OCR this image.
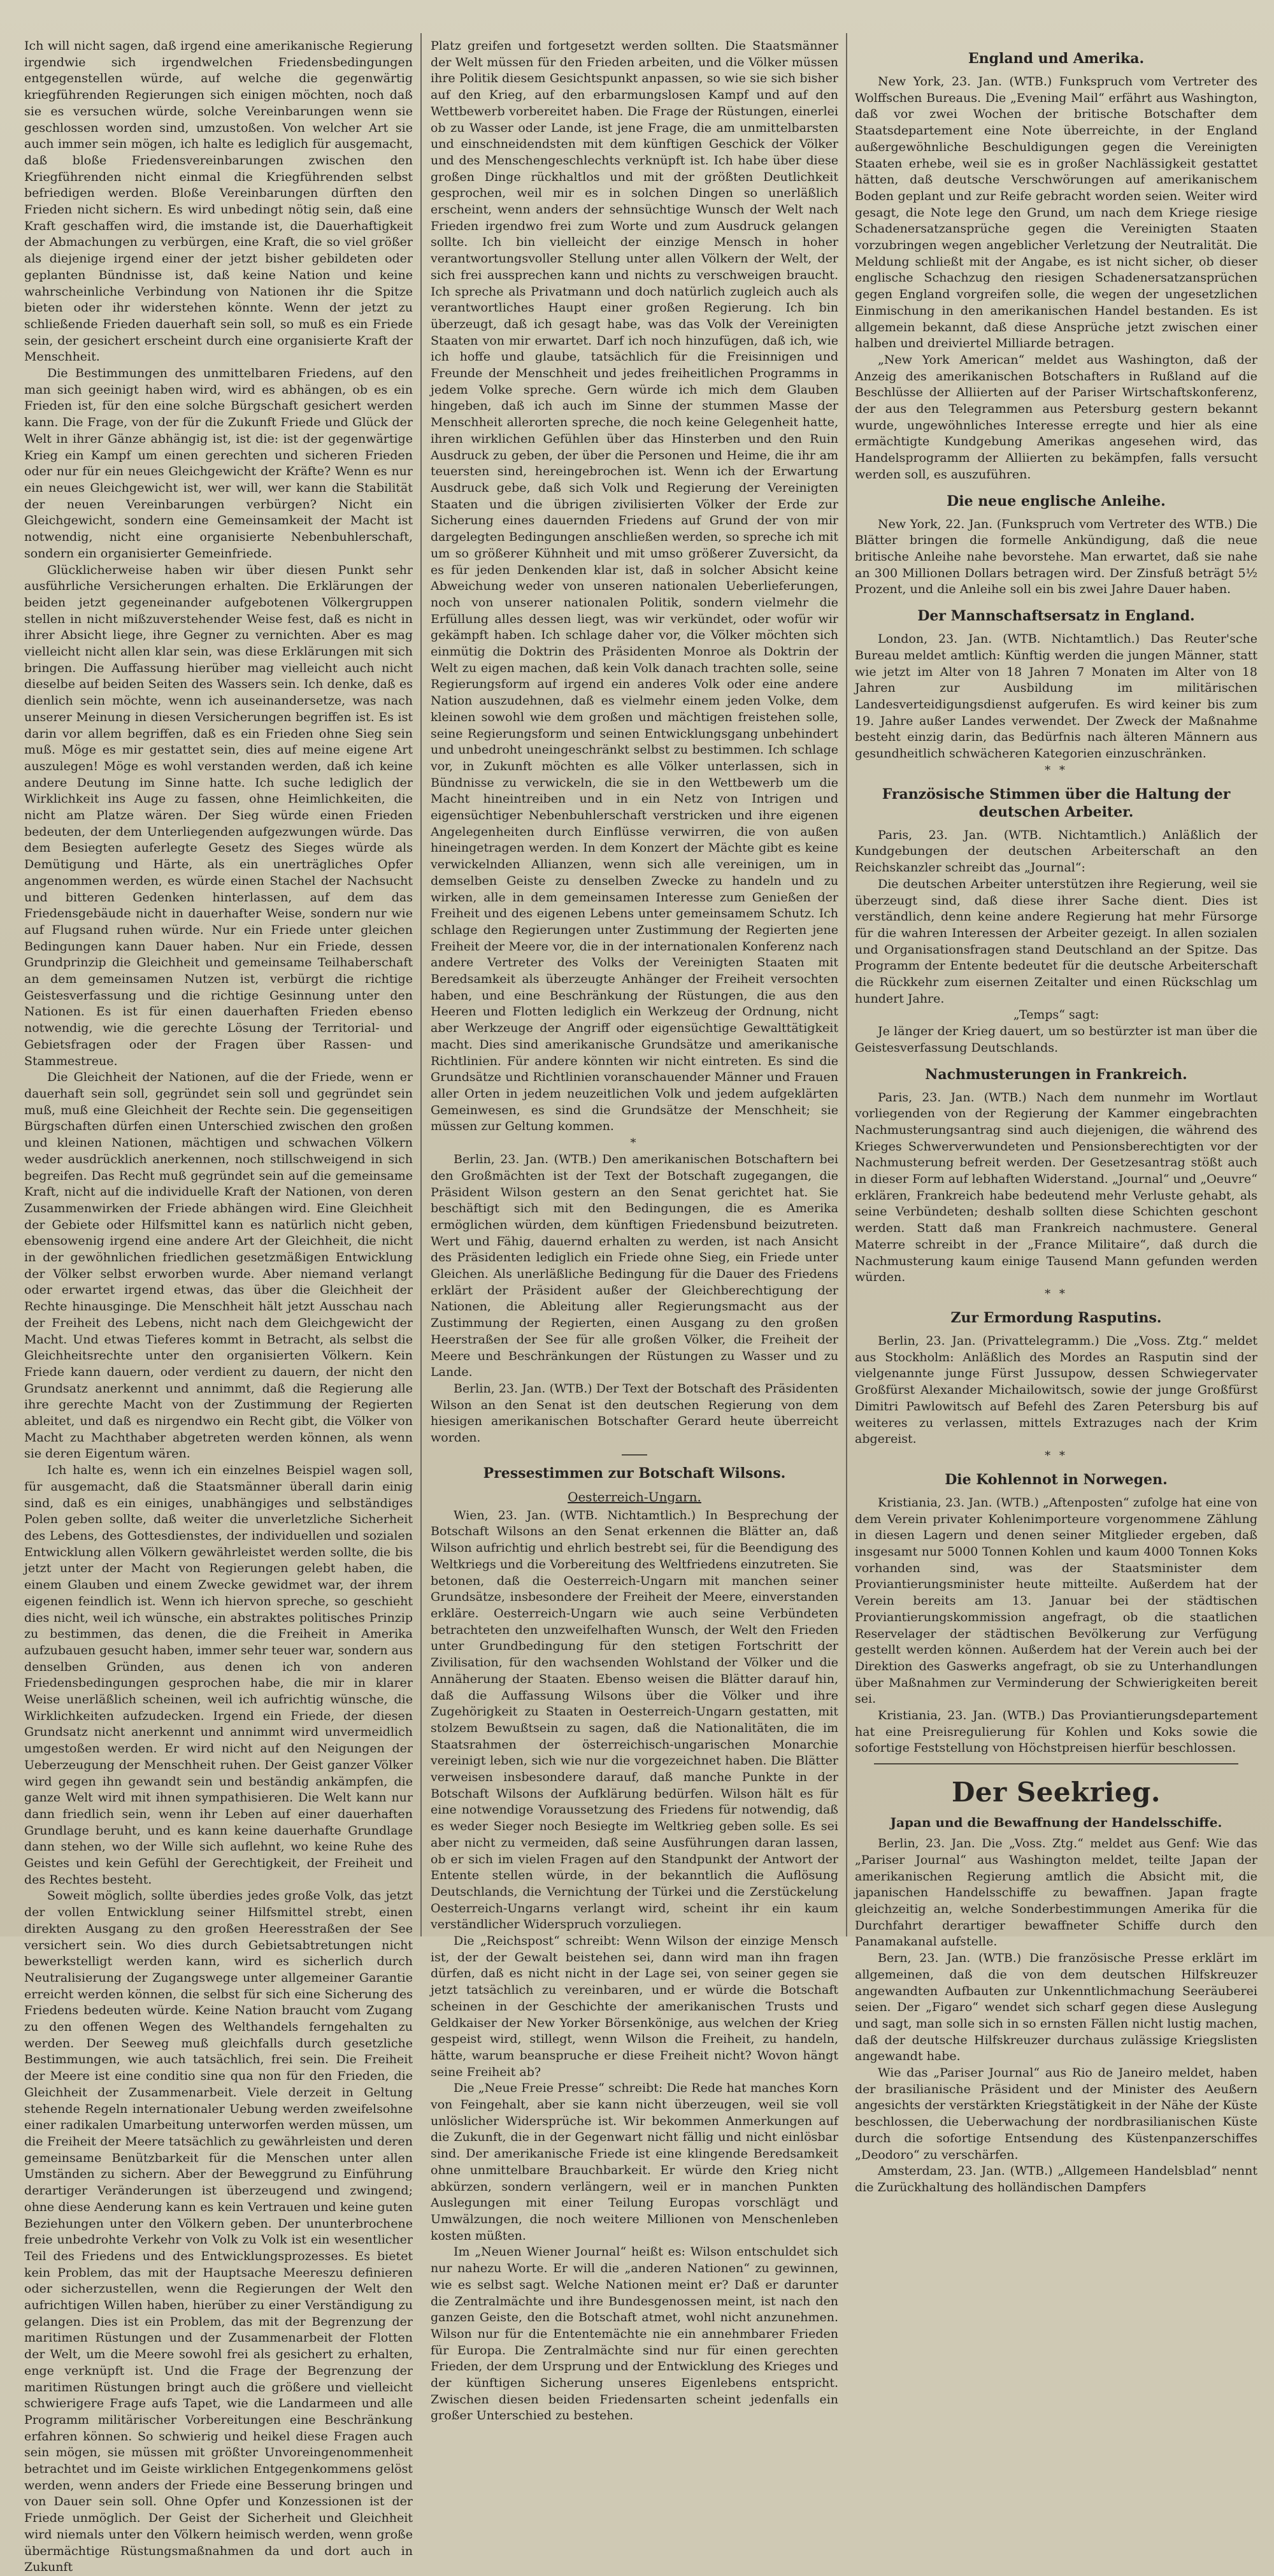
Ich will nicht sagen, daß irgend eine amerikanische Regierung irgendwie sich irgendwelchen Friedensbedingungen entgegenstellen würde, auf welche die gegenwärtig kriegführenden Regierungen sich einigen möchten, noch daß sie es versuchen würde, solche Vereinbarungen wenn sie geschlossen worden sind, umzustoßen. Von welcher Art sie auch immer sein mögen, ich halte es lediglich für ausgemacht, daß bloße Friedensvereinbarungen zwischen den Kriegführenden nicht einmal die Kriegführenden selbst befriedigen werden. Bloße Vereinbarungen dürften den Frieden nicht sichern. Es wird unbedingt nötig sein, daß eine Kraft geschaffen wird, die imstande ist, die Dauerhaftigkeit der Abmachungen zu verbürgen, eine Kraft, die so viel größer als diejenige irgend einer der jetzt bisher gebildeten oder geplanten Bündnisse ist, daß keine Nation und keine wahrscheinliche Verbindung von Nationen ihr die Spitze bieten oder ihr widerstehen könnte. Wenn der jetzt zu schließende Frieden dauerhaft sein soll, so muß es ein Friede sein, der gesichert erscheint durch eine organisierte Kraft der Menschheit.

Die Bestimmungen des unmittelbaren Friedens, auf den man sich geeinigt haben wird, wird es abhängen, ob es ein Frieden ist, für den eine solche Bürgschaft gesichert werden kann. Die Frage, von der für die Zukunft Friede und Glück der Welt in ihrer Gänze abhängig ist, ist die: ist der gegenwärtige Krieg ein Kampf um einen gerechten und sicheren Frieden oder nur für ein neues Gleichgewicht der Kräfte? Wenn es nur ein neues Gleichgewicht ist, wer will, wer kann die Stabilität der neuen Vereinbarungen verbürgen? Nicht ein Gleichgewicht, sondern eine Gemeinsamkeit der Macht ist notwendig, nicht eine organisierte Nebenbuhlerschaft, sondern ein organisierter Gemeinfriede.

Glücklicherweise haben wir über diesen Punkt sehr ausführliche Versicherungen erhalten. Die Erklärungen der beiden jetzt gegeneinander aufgebotenen Völkergruppen stellen in nicht mißzuverstehender Weise fest, daß es nicht in ihrer Absicht liege, ihre Gegner zu vernichten. Aber es mag vielleicht nicht allen klar sein, was diese Erklärungen mit sich bringen. Die Auffassung hierüber mag vielleicht auch nicht dieselbe auf beiden Seiten des Wassers sein. Ich denke, daß es dienlich sein möchte, wenn ich auseinandersetze, was nach unserer Meinung in diesen Versicherungen begriffen ist. Es ist darin vor allem begriffen, daß es ein Frieden ohne Sieg sein muß. Möge es mir gestattet sein, dies auf meine eigene Art auszulegen! Möge es wohl verstanden werden, daß ich keine andere Deutung im Sinne hatte. Ich suche lediglich der Wirklichkeit ins Auge zu fassen, ohne Heimlichkeiten, die nicht am Platze wären. Der Sieg würde einen Frieden bedeuten, der dem Unterliegenden aufgezwungen würde. Das dem Besiegten auferlegte Gesetz des Sieges würde als Demütigung und Härte, als ein unerträgliches Opfer angenommen werden, es würde einen Stachel der Nachsucht und bitteren Gedenken hinterlassen, auf dem das Friedensgebäude nicht in dauerhafter Weise, sondern nur wie auf Flugsand ruhen würde. Nur ein Friede unter gleichen Bedingungen kann Dauer haben. Nur ein Friede, dessen Grundprinzip die Gleichheit und gemeinsame Teilhaberschaft an dem gemeinsamen Nutzen ist, verbürgt die richtige Geistesverfassung und die richtige Gesinnung unter den Nationen. Es ist für einen dauerhaften Frieden ebenso notwendig, wie die gerechte Lösung der Territorial- und Gebietsfragen oder der Fragen über Rassen- und Stammestreue.

Die Gleichheit der Nationen, auf die der Friede, wenn er dauerhaft sein soll, gegründet sein soll und gegründet sein muß, muß eine Gleichheit der Rechte sein. Die gegenseitigen Bürgschaften dürfen einen Unterschied zwischen den großen und kleinen Nationen, mächtigen und schwachen Völkern weder ausdrücklich anerkennen, noch stillschweigend in sich begreifen. Das Recht muß gegründet sein auf die gemeinsame Kraft, nicht auf die individuelle Kraft der Nationen, von deren Zusammenwirken der Friede abhängen wird. Eine Gleichheit der Gebiete oder Hilfsmittel kann es natürlich nicht geben, ebensowenig irgend eine andere Art der Gleichheit, die nicht in der gewöhnlichen friedlichen gesetzmäßigen Entwicklung der Völker selbst erworben wurde. Aber niemand verlangt oder erwartet irgend etwas, das über die Gleichheit der Rechte hinausginge. Die Menschheit hält jetzt Ausschau nach der Freiheit des Lebens, nicht nach dem Gleichgewicht der Macht. Und etwas Tieferes kommt in Betracht, als selbst die Gleichheitsrechte unter den organisierten Völkern. Kein Friede kann dauern, oder verdient zu dauern, der nicht den Grundsatz anerkennt und annimmt, daß die Regierung alle ihre gerechte Macht von der Zustimmung der Regierten ableitet, und daß es nirgendwo ein Recht gibt, die Völker von Macht zu Machthaber abgetreten werden können, als wenn sie deren Eigentum wären.

Ich halte es, wenn ich ein einzelnes Beispiel wagen soll, für ausgemacht, daß die Staatsmänner überall darin einig sind, daß es ein einiges, unabhängiges und selbständiges Polen geben sollte, daß weiter die unverletzliche Sicherheit des Lebens, des Gottesdienstes, der individuellen und sozialen Entwicklung allen Völkern gewährleistet werden sollte, die bis jetzt unter der Macht von Regierungen gelebt haben, die einem Glauben und einem Zwecke gewidmet war, der ihrem eigenen feindlich ist. Wenn ich hiervon spreche, so geschieht dies nicht, weil ich wünsche, ein abstraktes politisches Prinzip zu bestimmen, das denen, die die Freiheit in Amerika aufzubauen gesucht haben, immer sehr teuer war, sondern aus denselben Gründen, aus denen ich von anderen Friedensbedingungen gesprochen habe, die mir in klarer Weise unerläßlich scheinen, weil ich aufrichtig wünsche, die Wirklichkeiten aufzudecken. Irgend ein Friede, der diesen Grundsatz nicht anerkennt und annimmt wird unvermeidlich umgestoßen werden. Er wird nicht auf den Neigungen der Ueberzeugung der Menschheit ruhen. Der Geist ganzer Völker wird gegen ihn gewandt sein und beständig ankämpfen, die ganze Welt wird mit ihnen sympathisieren. Die Welt kann nur dann friedlich sein, wenn ihr Leben auf einer dauerhaften Grundlage beruht, und es kann keine dauerhafte Grundlage dann stehen, wo der Wille sich auflehnt, wo keine Ruhe des Geistes und kein Gefühl der Gerechtigkeit, der Freiheit und des Rechtes besteht.

Soweit möglich, sollte überdies jedes große Volk, das jetzt der vollen Entwicklung seiner Hilfsmittel strebt, einen direkten Ausgang zu den großen Heeresstraßen der See versichert sein. Wo dies durch Gebietsabtretungen nicht bewerkstelligt werden kann, wird es sicherlich durch Neutralisierung der Zugangswege unter allgemeiner Garantie erreicht werden können, die selbst für sich eine Sicherung des Friedens bedeuten würde. Keine Nation braucht vom Zugang zu den offenen Wegen des Welthandels ferngehalten zu werden. Der Seeweg muß gleichfalls durch gesetzliche Bestimmungen, wie auch tatsächlich, frei sein. Die Freiheit der Meere ist eine conditio sine qua non für den Frieden, die Gleichheit der Zusammenarbeit. Viele derzeit in Geltung stehende Regeln internationaler Uebung werden zweifelsohne einer radikalen Umarbeitung unterworfen werden müssen, um die Freiheit der Meere tatsächlich zu gewährleisten und deren gemeinsame Benützbarkeit für die Menschen unter allen Umständen zu sichern. Aber der Beweggrund zu Einführung derartiger Veränderungen ist überzeugend und zwingend; ohne diese Aenderung kann es kein Vertrauen und keine guten Beziehungen unter den Völkern geben. Der ununterbrochene freie unbedrohte Verkehr von Volk zu Volk ist ein wesentlicher Teil des Friedens und des Entwicklungsprozesses. Es bietet kein Problem, das mit der Hauptsache Meereszu definieren oder sicherzustellen, wenn die Regierungen der Welt den aufrichtigen Willen haben, hierüber zu einer Verständigung zu gelangen. Dies ist ein Problem, das mit der Begrenzung der maritimen Rüstungen und der Zusammenarbeit der Flotten der Welt, um die Meere sowohl frei als gesichert zu erhalten, enge verknüpft ist. Und die Frage der Begrenzung der maritimen Rüstungen bringt auch die größere und vielleicht schwierigere Frage aufs Tapet, wie die Landarmeen und alle Programm militärischer Vorbereitungen eine Beschränkung erfahren können. So schwierig und heikel diese Fragen auch sein mögen, sie müssen mit größter Unvoreingenommenheit betrachtet und im Geiste wirklichen Entgegenkommens gelöst werden, wenn anders der Friede eine Besserung bringen und von Dauer sein soll. Ohne Opfer und Konzessionen ist der Friede unmöglich. Der Geist der Sicherheit und Gleichheit wird niemals unter den Völkern heimisch werden, wenn große übermächtige Rüstungsmaßnahmen da und dort auch in Zukunft

Platz greifen und fortgesetzt werden sollten. Die Staatsmänner der Welt müssen für den Frieden arbeiten, und die Völker müssen ihre Politik diesem Gesichtspunkt anpassen, so wie sie sich bisher auf den Krieg, auf den erbarmungslosen Kampf und auf den Wettbewerb vorbereitet haben. Die Frage der Rüstungen, einerlei ob zu Wasser oder Lande, ist jene Frage, die am unmittelbarsten und einschneidendsten mit dem künftigen Geschick der Völker und des Menschengeschlechts verknüpft ist. Ich habe über diese großen Dinge rückhaltlos und mit der größten Deutlichkeit gesprochen, weil mir es in solchen Dingen so unerläßlich erscheint, wenn anders der sehnsüchtige Wunsch der Welt nach Frieden irgendwo frei zum Worte und zum Ausdruck gelangen sollte. Ich bin vielleicht der einzige Mensch in hoher verantwortungsvoller Stellung unter allen Völkern der Welt, der sich frei aussprechen kann und nichts zu verschweigen braucht. Ich spreche als Privatmann und doch natürlich zugleich auch als verantwortliches Haupt einer großen Regierung. Ich bin überzeugt, daß ich gesagt habe, was das Volk der Vereinigten Staaten von mir erwartet. Darf ich noch hinzufügen, daß ich, wie ich hoffe und glaube, tatsächlich für die Freisinnigen und Freunde der Menschheit und jedes freiheitlichen Programms in jedem Volke spreche. Gern würde ich mich dem Glauben hingeben, daß ich auch im Sinne der stummen Masse der Menschheit allerorten spreche, die noch keine Gelegenheit hatte, ihren wirklichen Gefühlen über das Hinsterben und den Ruin Ausdruck zu geben, der über die Personen und Heime, die ihr am teuersten sind, hereingebrochen ist. Wenn ich der Erwartung Ausdruck gebe, daß sich Volk und Regierung der Vereinigten Staaten und die übrigen zivilisierten Völker der Erde zur Sicherung eines dauernden Friedens auf Grund der von mir dargelegten Bedingungen anschließen werden, so spreche ich mit um so größerer Kühnheit und mit umso größerer Zuversicht, da es für jeden Denkenden klar ist, daß in solcher Absicht keine Abweichung weder von unseren nationalen Ueberlieferungen, noch von unserer nationalen Politik, sondern vielmehr die Erfüllung alles dessen liegt, was wir verkündet, oder wofür wir gekämpft haben. Ich schlage daher vor, die Völker möchten sich einmütig die Doktrin des Präsidenten Monroe als Doktrin der Welt zu eigen machen, daß kein Volk danach trachten solle, seine Regierungsform auf irgend ein anderes Volk oder eine andere Nation auszudehnen, daß es vielmehr einem jeden Volke, dem kleinen sowohl wie dem großen und mächtigen freistehen solle, seine Regierungsform und seinen Entwicklungsgang unbehindert und unbedroht uneingeschränkt selbst zu bestimmen. Ich schlage vor, in Zukunft möchten es alle Völker unterlassen, sich in Bündnisse zu verwickeln, die sie in den Wettbewerb um die Macht hineintreiben und in ein Netz von Intrigen und eigensüchtiger Nebenbuhlerschaft verstricken und ihre eigenen Angelegenheiten durch Einflüsse verwirren, die von außen hineingetragen werden. In dem Konzert der Mächte gibt es keine verwickelnden Allianzen, wenn sich alle vereinigen, um in demselben Geiste zu denselben Zwecke zu handeln und zu wirken, alle in dem gemeinsamen Interesse zum Genießen der Freiheit und des eigenen Lebens unter gemeinsamem Schutz. Ich schlage den Regierungen unter Zustimmung der Regierten jene Freiheit der Meere vor, die in der internationalen Konferenz nach andere Vertreter des Volks der Vereinigten Staaten mit Beredsamkeit als überzeugte Anhänger der Freiheit versochten haben, und eine Beschränkung der Rüstungen, die aus den Heeren und Flotten lediglich ein Werkzeug der Ordnung, nicht aber Werkzeuge der Angriff oder eigensüchtige Gewalttätigkeit macht. Dies sind amerikanische Grundsätze und amerikanische Richtlinien. Für andere könnten wir nicht eintreten. Es sind die Grundsätze und Richtlinien voranschauender Männer und Frauen aller Orten in jedem neuzeitlichen Volk und jedem aufgeklärten Gemeinwesen, es sind die Grundsätze der Menschheit; sie müssen zur Geltung kommen.

*

Berlin, 23. Jan. (WTB.) Den amerikanischen Botschaftern bei den Großmächten ist der Text der Botschaft zugegangen, die Präsident Wilson gestern an den Senat gerichtet hat. Sie beschäftigt sich mit den Bedingungen, die es Amerika ermöglichen würden, dem künftigen Friedensbund beizutreten. Wert und Fähig, dauernd erhalten zu werden, ist nach Ansicht des Präsidenten lediglich ein Friede ohne Sieg, ein Friede unter Gleichen. Als unerläßliche Bedingung für die Dauer des Friedens erklärt der Präsident außer der Gleichberechtigung der Nationen, die Ableitung aller Regierungsmacht aus der Zustimmung der Regierten, einen Ausgang zu den großen Heerstraßen der See für alle großen Völker, die Freiheit der Meere und Beschränkungen der Rüstungen zu Wasser und zu Lande.

Berlin, 23. Jan. (WTB.) Der Text der Botschaft des Präsidenten Wilson an den Senat ist den deutschen Regierung von dem hiesigen amerikanischen Botschafter Gerard heute überreicht worden.

Pressestimmen zur Botschaft Wilsons.
Oesterreich-Ungarn.

Wien, 23. Jan. (WTB. Nichtamtlich.) In Besprechung der Botschaft Wilsons an den Senat erkennen die Blätter an, daß Wilson aufrichtig und ehrlich bestrebt sei, für die Beendigung des Weltkriegs und die Vorbereitung des Weltfriedens einzutreten. Sie betonen, daß die Oesterreich-Ungarn mit manchen seiner Grundsätze, insbesondere der Freiheit der Meere, einverstanden erkläre. Oesterreich-Ungarn wie auch seine Verbündeten betrachteten den unzweifelhaften Wunsch, der Welt den Frieden unter Grundbedingung für den stetigen Fortschritt der Zivilisation, für den wachsenden Wohlstand der Völker und die Annäherung der Staaten. Ebenso weisen die Blätter darauf hin, daß die Auffassung Wilsons über die Völker und ihre Zugehörigkeit zu Staaten in Oesterreich-Ungarn gestatten, mit stolzem Bewußtsein zu sagen, daß die Nationalitäten, die im Staatsrahmen der österreichisch-ungarischen Monarchie vereinigt leben, sich wie nur die vorgezeichnet haben. Die Blätter verweisen insbesondere darauf, daß manche Punkte in der Botschaft Wilsons der Aufklärung bedürfen. Wilson hält es für eine notwendige Voraussetzung des Friedens für notwendig, daß es weder Sieger noch Besiegte im Weltkrieg geben solle. Es sei aber nicht zu vermeiden, daß seine Ausführungen daran lassen, ob er sich im vielen Fragen auf den Standpunkt der Antwort der Entente stellen würde, in der bekanntlich die Auflösung Deutschlands, die Vernichtung der Türkei und die Zerstückelung Oesterreich-Ungarns verlangt wird, scheint ihr ein kaum verständlicher Widerspruch vorzuliegen.

Die „Reichspost“ schreibt: Wenn Wilson der einzige Mensch ist, der der Gewalt beistehen sei, dann wird man ihn fragen dürfen, daß es nicht nicht in der Lage sei, von seiner gegen sie jetzt tatsächlich zu vereinbaren, und er würde die Botschaft scheinen in der Geschichte der amerikanischen Trusts und Geldkaiser der New Yorker Börsenkönige, aus welchen der Krieg gespeist wird, stillegt, wenn Wilson die Freiheit, zu handeln, hätte, warum beanspruche er diese Freiheit nicht? Wovon hängt seine Freiheit ab?

Die „Neue Freie Presse“ schreibt: Die Rede hat manches Korn von Feingehalt, aber sie kann nicht überzeugen, weil sie voll unlöslicher Widersprüche ist. Wir bekommen Anmerkungen auf die Zukunft, die in der Gegenwart nicht fällig und nicht einlösbar sind. Der amerikanische Friede ist eine klingende Beredsamkeit ohne unmittelbare Brauchbarkeit. Er würde den Krieg nicht abkürzen, sondern verlängern, weil er in manchen Punkten Auslegungen mit einer Teilung Europas vorschlägt und Umwälzungen, die noch weitere Millionen von Menschenleben kosten müßten.

Im „Neuen Wiener Journal“ heißt es: Wilson entschuldet sich nur nahezu Worte. Er will die „anderen Nationen“ zu gewinnen, wie es selbst sagt. Welche Nationen meint er? Daß er darunter die Zentralmächte und ihre Bundesgenossen meint, ist nach den ganzen Geiste, den die Botschaft atmet, wohl nicht anzunehmen. Wilson nur für die Ententemächte nie ein annehmbarer Frieden für Europa. Die Zentralmächte sind nur für einen gerechten Frieden, der dem Ursprung und der Entwicklung des Krieges und der künftigen Sicherung unseres Eigenlebens entspricht. Zwischen diesen beiden Friedensarten scheint jedenfalls ein großer Unterschied zu bestehen.

England und Amerika.

New York, 23. Jan. (WTB.) Funkspruch vom Vertreter des Wolffschen Bureaus. Die „Evening Mail“ erfährt aus Washington, daß vor zwei Wochen der britische Botschafter dem Staatsdepartement eine Note überreichte, in der England außergewöhnliche Beschuldigungen gegen die Vereinigten Staaten erhebe, weil sie es in großer Nachlässigkeit gestattet hätten, daß deutsche Verschwörungen auf amerikanischem Boden geplant und zur Reife gebracht worden seien. Weiter wird gesagt, die Note lege den Grund, um nach dem Kriege riesige Schadenersatzansprüche gegen die Vereinigten Staaten vorzubringen wegen angeblicher Verletzung der Neutralität. Die Meldung schließt mit der Angabe, es ist nicht sicher, ob dieser englische Schachzug den riesigen Schadenersatzansprüchen gegen England vorgreifen solle, die wegen der ungesetzlichen Einmischung in den amerikanischen Handel bestanden. Es ist allgemein bekannt, daß diese Ansprüche jetzt zwischen einer halben und dreiviertel Milliarde betragen.

„New York American“ meldet aus Washington, daß der Anzeig des amerikanischen Botschafters in Rußland auf die Beschlüsse der Alliierten auf der Pariser Wirtschaftskonferenz, der aus den Telegrammen aus Petersburg gestern bekannt wurde, ungewöhnliches Interesse erregte und hier als eine ermächtigte Kundgebung Amerikas angesehen wird, das Handelsprogramm der Alliierten zu bekämpfen, falls versucht werden soll, es auszuführen.

Die neue englische Anleihe.

New York, 22. Jan. (Funkspruch vom Vertreter des WTB.) Die Blätter bringen die formelle Ankündigung, daß die neue britische Anleihe nahe bevorstehe. Man erwartet, daß sie nahe an 300 Millionen Dollars betragen wird. Der Zinsfuß beträgt 5½ Prozent, und die Anleihe soll ein bis zwei Jahre Dauer haben.

Der Mannschaftsersatz in England.

London, 23. Jan. (WTB. Nichtamtlich.) Das Reuter'sche Bureau meldet amtlich: Künftig werden die jungen Männer, statt wie jetzt im Alter von 18 Jahren 7 Monaten im Alter von 18 Jahren zur Ausbildung im militärischen Landesverteidigungsdienst aufgerufen. Es wird keiner bis zum 19. Jahre außer Landes verwendet. Der Zweck der Maßnahme besteht einzig darin, das Bedürfnis nach älteren Männern aus gesundheitlich schwächeren Kategorien einzuschränken.

* *
Französische Stimmen über die Haltung der deutschen Arbeiter.

Paris, 23. Jan. (WTB. Nichtamtlich.) Anläßlich der Kundgebungen der deutschen Arbeiterschaft an den Reichskanzler schreibt das „Journal“:

Die deutschen Arbeiter unterstützen ihre Regierung, weil sie überzeugt sind, daß diese ihrer Sache dient. Dies ist verständlich, denn keine andere Regierung hat mehr Fürsorge für die wahren Interessen der Arbeiter gezeigt. In allen sozialen und Organisationsfragen stand Deutschland an der Spitze. Das Programm der Entente bedeutet für die deutsche Arbeiterschaft die Rückkehr zum eisernen Zeitalter und einen Rückschlag um hundert Jahre.

„Temps“ sagt:

Je länger der Krieg dauert, um so bestürzter ist man über die Geistesverfassung Deutschlands.

Nachmusterungen in Frankreich.

Paris, 23. Jan. (WTB.) Nach dem nunmehr im Wortlaut vorliegenden von der Regierung der Kammer eingebrachten Nachmusterungsantrag sind auch diejenigen, die während des Krieges Schwerverwundeten und Pensionsberechtigten vor der Nachmusterung befreit werden. Der Gesetzesantrag stößt auch in dieser Form auf lebhaften Widerstand. „Journal“ und „Oeuvre“ erklären, Frankreich habe bedeutend mehr Verluste gehabt, als seine Verbündeten; deshalb sollten diese Schichten geschont werden. Statt daß man Frankreich nachmustere. General Materre schreibt in der „France Militaire“, daß durch die Nachmusterung kaum einige Tausend Mann gefunden werden würden.

* *
Zur Ermordung Rasputins.

Berlin, 23. Jan. (Privattelegramm.) Die „Voss. Ztg.“ meldet aus Stockholm: Anläßlich des Mordes an Rasputin sind der vielgenannte junge Fürst Jussupow, dessen Schwiegervater Großfürst Alexander Michailowitsch, sowie der junge Großfürst Dimitri Pawlowitsch auf Befehl des Zaren Petersburg bis auf weiteres zu verlassen, mittels Extrazuges nach der Krim abgereist.

* *
Die Kohlennot in Norwegen.

Kristiania, 23. Jan. (WTB.) „Aftenposten“ zufolge hat eine von dem Verein privater Kohlenimporteure vorgenommene Zählung in diesen Lagern und denen seiner Mitglieder ergeben, daß insgesamt nur 5000 Tonnen Kohlen und kaum 4000 Tonnen Koks vorhanden sind, was der Staatsminister dem Proviantierungsminister heute mitteilte. Außerdem hat der Verein bereits am 13. Januar bei der städtischen Proviantierungskommission angefragt, ob die staatlichen Reservelager der städtischen Bevölkerung zur Verfügung gestellt werden können. Außerdem hat der Verein auch bei der Direktion des Gaswerks angefragt, ob sie zu Unterhandlungen über Maßnahmen zur Verminderung der Schwierigkeiten bereit sei.

Kristiania, 23. Jan. (WTB.) Das Proviantierungsdepartement hat eine Preisregulierung für Kohlen und Koks sowie die sofortige Feststellung von Höchstpreisen hierfür beschlossen.

Der Seekrieg.
Japan und die Bewaffnung der Handelsschiffe.

Berlin, 23. Jan. Die „Voss. Ztg.“ meldet aus Genf: Wie das „Pariser Journal“ aus Washington meldet, teilte Japan der amerikanischen Regierung amtlich die Absicht mit, die japanischen Handelsschiffe zu bewaffnen. Japan fragte gleichzeitig an, welche Sonderbestimmungen Amerika für die Durchfahrt derartiger bewaffneter Schiffe durch den Panamakanal aufstelle.

Bern, 23. Jan. (WTB.) Die französische Presse erklärt im allgemeinen, daß die von dem deutschen Hilfskreuzer angewandten Aufbauten zur Unkenntlichmachung Seeräuberei seien. Der „Figaro“ wendet sich scharf gegen diese Auslegung und sagt, man solle sich in so ernsten Fällen nicht lustig machen, daß der deutsche Hilfskreuzer durchaus zulässige Kriegslisten angewandt habe.

Wie das „Pariser Journal“ aus Rio de Janeiro meldet, haben der brasilianische Präsident und der Minister des Aeußern angesichts der verstärkten Kriegstätigkeit in der Nähe der Küste beschlossen, die Ueberwachung der nordbrasilianischen Küste durch die sofortige Entsendung des Küstenpanzerschiffes „Deodoro“ zu verschärfen.

Amsterdam, 23. Jan. (WTB.) „Allgemeen Handelsblad“ nennt die Zurückhaltung des holländischen Dampfers
